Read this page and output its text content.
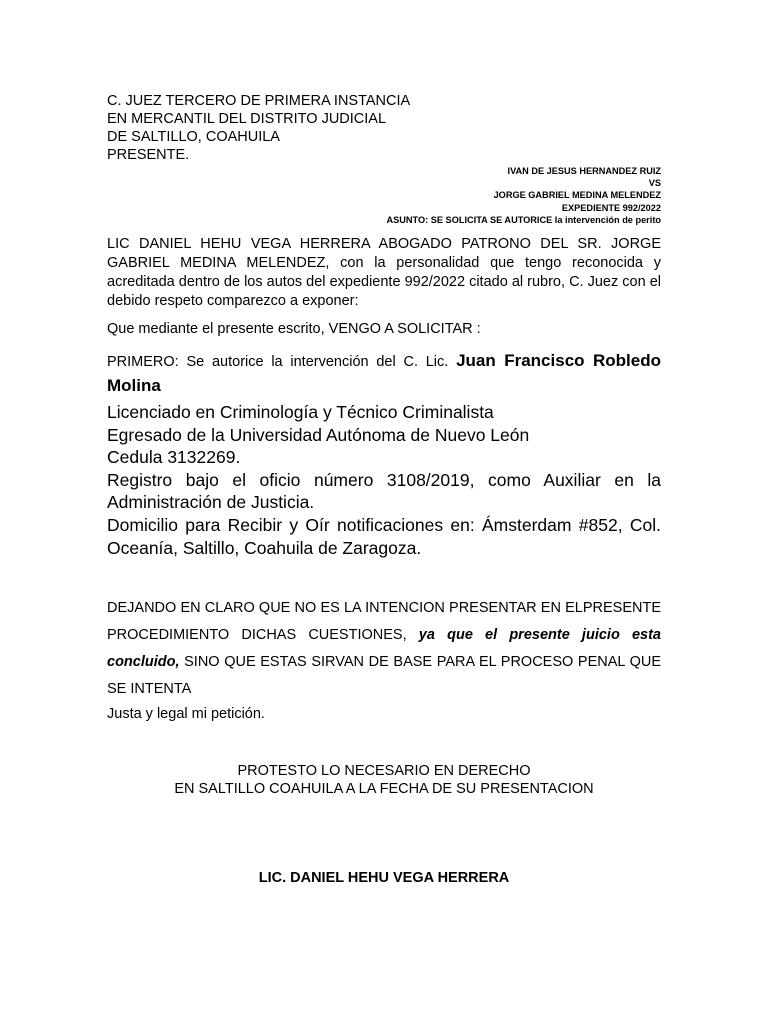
C. JUEZ TERCERO DE PRIMERA INSTANCIA
EN MERCANTIL DEL DISTRITO JUDICIAL
DE SALTILLO, COAHUILA
PRESENTE.
IVAN DE JESUS HERNANDEZ RUIZ
VS
JORGE GABRIEL MEDINA MELENDEZ
EXPEDIENTE 992/2022
ASUNTO: SE SOLICITA SE AUTORICE la intervención de perito
LIC DANIEL HEHU VEGA HERRERA ABOGADO PATRONO DEL SR. JORGE GABRIEL MEDINA MELENDEZ, con la personalidad que tengo reconocida y acreditada dentro de los autos del expediente 992/2022 citado al rubro, C. Juez con el debido respeto comparezco a exponer:
Que mediante el presente escrito, VENGO A SOLICITAR :
PRIMERO: Se autorice la intervención del C. Lic. Juan Francisco Robledo Molina
Licenciado en Criminología y Técnico Criminalista
Egresado de la Universidad Autónoma de Nuevo León
Cedula 3132269.
Registro bajo el oficio número 3108/2019, como Auxiliar en la
Administración de Justicia.
Domicilio para Recibir y Oír notificaciones en: Ámsterdam #852, Col.
Oceanía, Saltillo, Coahuila de Zaragoza.
DEJANDO EN CLARO QUE NO ES LA INTENCION PRESENTAR EN ELPRESENTE PROCEDIMIENTO DICHAS CUESTIONES, ya que el presente juicio esta concluido, SINO QUE ESTAS SIRVAN DE BASE PARA EL PROCESO PENAL QUE SE INTENTA
Justa y legal mi petición.
PROTESTO LO NECESARIO EN DERECHO
EN SALTILLO COAHUILA A LA FECHA DE SU PRESENTACION
LIC. DANIEL HEHU VEGA HERRERA
